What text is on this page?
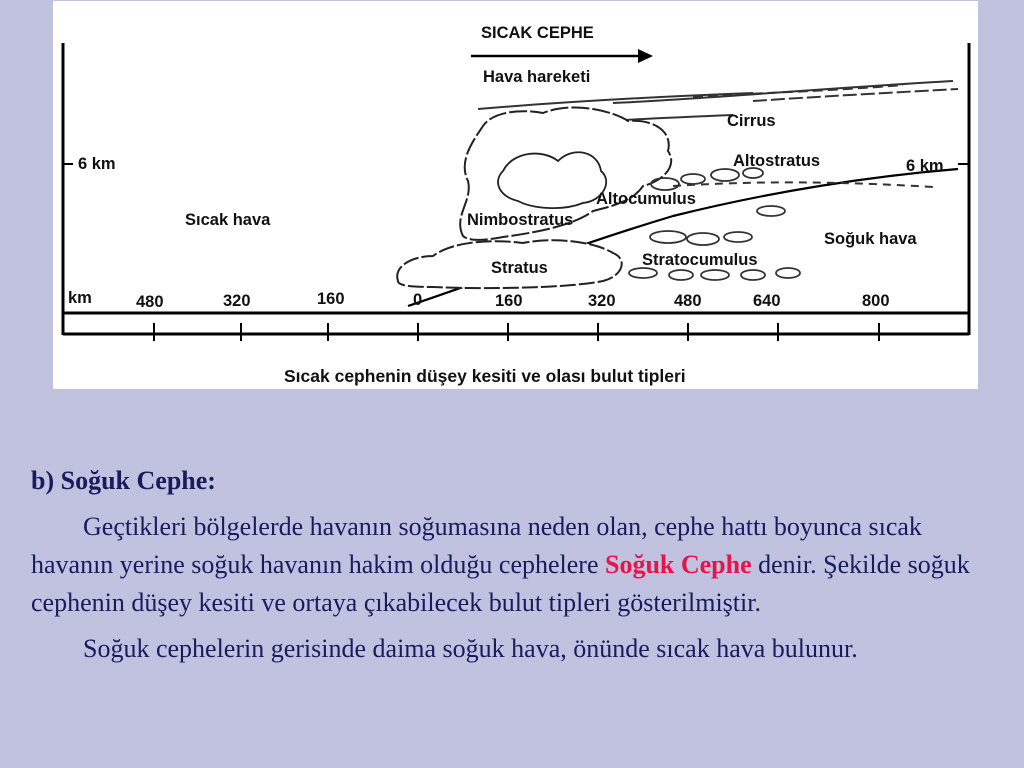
SICAK CEPHE
Hava hareketi
6 km	6 km
Sıcak hava
Soğuk hava
Cirrus
Altostratus
Altocumulus
Nimbostratus
Stratus	Stratocumulus
km	480	320	160	0	160	320	480	640	800
Sıcak cephenin düşey kesiti ve olası bulut tipleri

b) Soğuk Cephe:

Geçtikleri bölgelerde havanın soğumasına neden olan, cephe hattı boyunca sıcak havanın yerine soğuk havanın hakim olduğu cephelere Soğuk Cephe denir. Şekilde soğuk cephenin düşey kesiti ve ortaya çıkabilecek bulut tipleri gösterilmiştir.

Soğuk cephelerin gerisinde daima soğuk hava, önünde sıcak hava bulunur.
